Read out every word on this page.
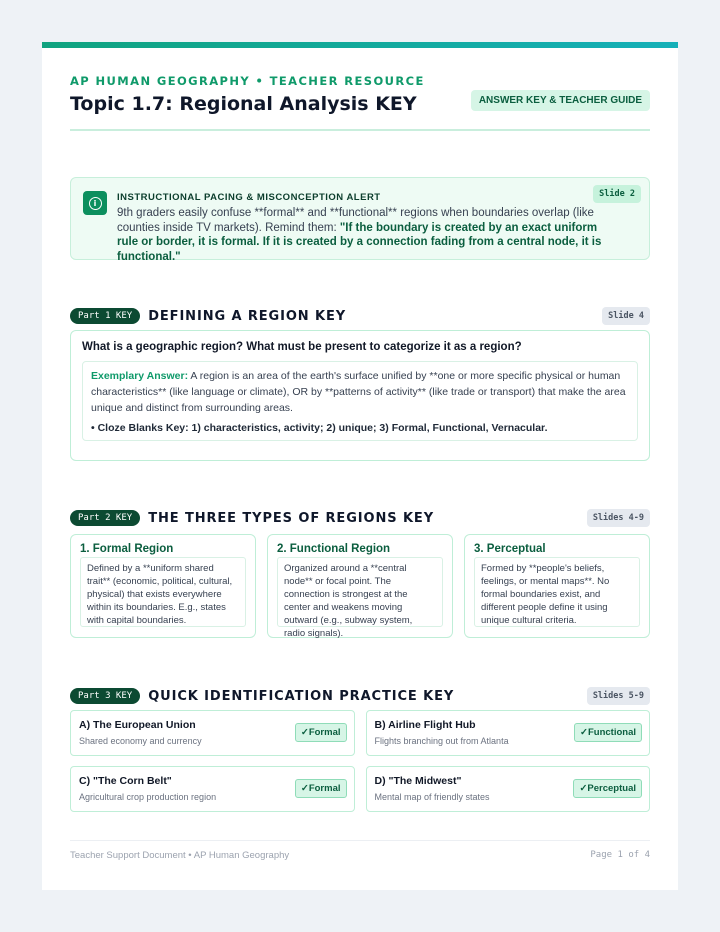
AP HUMAN GEOGRAPHY • TEACHER RESOURCE
Topic 1.7: Regional Analysis KEY	ANSWER KEY & TEACHER GUIDE
i	INSTRUCTIONAL PACING & MISCONCEPTION ALERT
9th graders easily confuse **formal** and **functional** regions when boundaries overlap (like counties inside TV markets). Remind them: "If the boundary is created by an exact uniform rule or border, it is formal. If it is created by a connection fading from a central node, it is functional."
Slide 2
Part 1 KEY	DEFINING A REGION KEY	Slide 4
What is a geographic region? What must be present to categorize it as a region?
Exemplary Answer: A region is an area of the earth's surface unified by **one or more specific physical or human characteristics** (like language or climate), OR by **patterns of activity** (like trade or transport) that make the area unique and distinct from surrounding areas.
• Cloze Blanks Key: 1) characteristics, activity; 2) unique; 3) Formal, Functional, Vernacular.
Part 2 KEY	THE THREE TYPES OF REGIONS KEY	Slides 4-9
1. Formal Region
Defined by a **uniform shared trait** (economic, political, cultural, physical) that exists everywhere within its boundaries. E.g., states with capital boundaries.
2. Functional Region
Organized around a **central node** or focal point. The connection is strongest at the center and weakens moving outward (e.g., subway system, radio signals).
3. Perceptual
Formed by **people's beliefs, feelings, or mental maps**. No formal boundaries exist, and different people define it using unique cultural criteria.
Part 3 KEY	QUICK IDENTIFICATION PRACTICE KEY	Slides 5-9
A) The European Union
Shared economy and currency
✓Formal
B) Airline Flight Hub
Flights branching out from Atlanta
✓Functional
C) "The Corn Belt"
Agricultural crop production region
✓Formal
D) "The Midwest"
Mental map of friendly states
✓Perceptual
Teacher Support Document • AP Human Geography	Page 1 of 4
